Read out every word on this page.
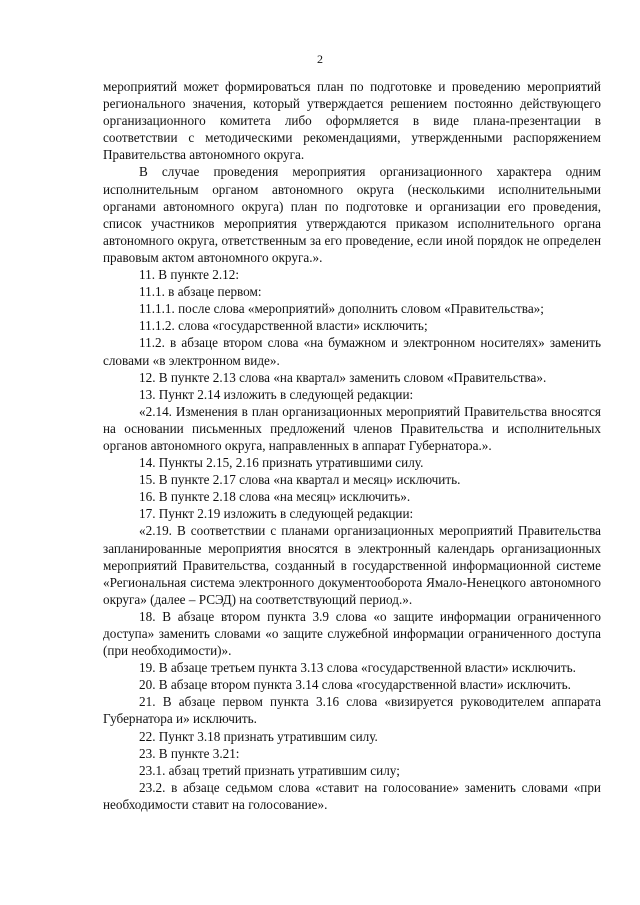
2

мероприятий может формироваться план по подготовке и проведению мероприятий регионального значения, который утверждается решением постоянно действующего организационного комитета либо оформляется в виде плана-презентации в соответствии с методическими рекомендациями, утвержденными распоряжением Правительства автономного округа.

В случае проведения мероприятия организационного характера одним исполнительным органом автономного округа (несколькими исполнительными органами автономного округа) план по подготовке и организации его проведения, список участников мероприятия утверждаются приказом исполнительного органа автономного округа, ответственным за его проведение, если иной порядок не определен правовым актом автономного округа.».

11. В пункте 2.12:

11.1. в абзаце первом:

11.1.1. после слова «мероприятий» дополнить словом «Правительства»;

11.1.2. слова «государственной власти» исключить;

11.2. в абзаце втором слова «на бумажном и электронном носителях» заменить словами «в электронном виде».

12. В пункте 2.13 слова «на квартал» заменить словом «Правительства».

13. Пункт 2.14 изложить в следующей редакции:

«2.14. Изменения в план организационных мероприятий Правительства вносятся на основании письменных предложений членов Правительства и исполнительных органов автономного округа, направленных в аппарат Губернатора.».

14. Пункты 2.15, 2.16 признать утратившими силу.

15. В пункте 2.17 слова «на квартал и месяц» исключить.

16. В пункте 2.18 слова «на месяц» исключить».

17. Пункт 2.19 изложить в следующей редакции:

«2.19. В соответствии с планами организационных мероприятий Правительства запланированные мероприятия вносятся в электронный календарь организационных мероприятий Правительства, созданный в государственной информационной системе «Региональная система электронного документооборота Ямало-Ненецкого автономного округа» (далее – РСЭД) на соответствующий период.».

18. В абзаце втором пункта 3.9 слова «о защите информации ограниченного доступа» заменить словами «о защите служебной информации ограниченного доступа (при необходимости)».

19. В абзаце третьем пункта 3.13 слова «государственной власти» исключить.

20. В абзаце втором пункта 3.14 слова «государственной власти» исключить.

21. В абзаце первом пункта 3.16 слова «визируется руководителем аппарата Губернатора и» исключить.

22. Пункт 3.18 признать утратившим силу.

23. В пункте 3.21:

23.1. абзац третий признать утратившим силу;

23.2. в абзаце седьмом слова «ставит на голосование» заменить словами «при необходимости ставит на голосование».
